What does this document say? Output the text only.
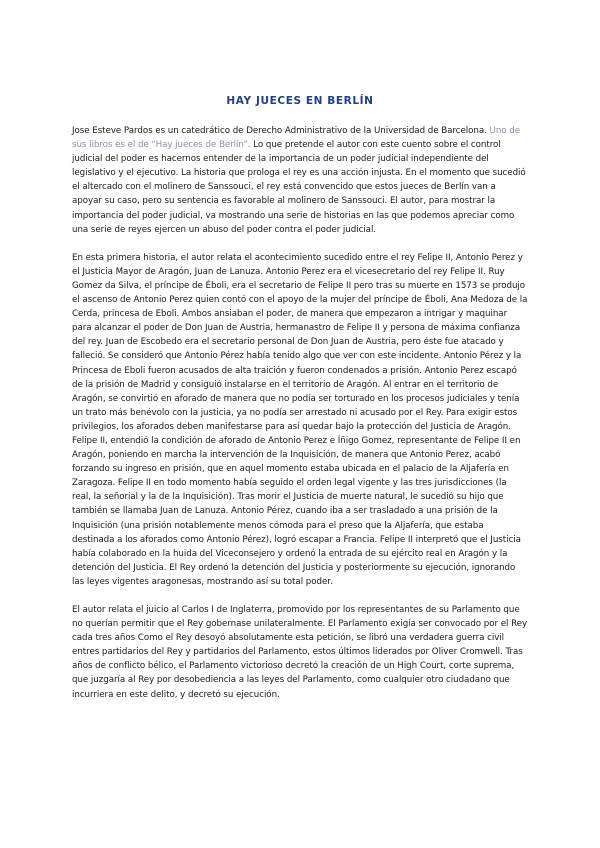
HAY JUECES EN BERLÍN

Jose Esteve Pardos es un catedrático de Derecho Administrativo de la Universidad de Barcelona. Uno de sus libros es el de “Hay jueces de Berlín”. Lo que pretende el autor con este cuento sobre el control judicial del poder es hacernos entender de la importancia de un poder judicial independiente del legislativo y el ejecutivo. La historia que prologa el rey es una acción injusta. En el momento que sucedió el altercado con el molinero de Sanssouci, el rey está convencido que estos jueces de Berlín van a apoyar su caso, pero su sentencia es favorable al molinero de Sanssouci. El autor, para mostrar la importancia del poder judicial, va mostrando una serie de historias en las que podemos apreciar como una serie de reyes ejercen un abuso del poder contra el poder judicial.

En esta primera historia, el autor relata el acontecimiento sucedido entre el rey Felipe II, Antonio Perez y el Justicia Mayor de Aragón, Juan de Lanuza. Antonio Perez era el vicesecretario del rey Felipe II. Ruy Gomez da Silva, el príncipe de Éboli, era el secretario de Felipe II pero tras su muerte en 1573 se produjo el ascenso de Antonio Perez quien contó con el apoyo de la mujer del príncipe de Éboli, Ana Medoza de la Cerda, princesa de Eboli. Ambos ansiaban el poder, de manera que empezaron a intrigar y maquinar para alcanzar el poder de Don Juan de Austria, hermanastro de Felipe II y persona de máxima confianza del rey. Juan de Escobedo era el secretario personal de Don Juan de Austria, pero éste fue atacado y falleció. Se consideró que Antonio Pérez había tenido algo que ver con este incidente. Antonio Pérez y la Princesa de Eboli fueron acusados de alta traición y fueron condenados a prisión. Antonio Perez escapó de la prisión de Madrid y consiguió instalarse en el territorio de Aragón. Al entrar en el territorio de Aragón, se convirtió en aforado de manera que no podía ser torturado en los procesos judiciales y tenía un trato más benévolo con la justicia, ya no podía ser arrestado ni acusado por el Rey. Para exigir estos privilegios, los aforados deben manifestarse para así quedar bajo la protección del Justicia de Aragón. Felipe II, entendió la condición de aforado de Antonio Perez e Íñigo Gomez, representante de Felipe II en Aragón, poniendo en marcha la intervención de la Inquisición, de manera que Antonio Perez, acabó forzando su ingreso en prisión, que en aquel momento estaba ubicada en el palacio de la Aljafería en Zaragoza. Felipe II en todo momento había seguido el orden legal vigente y las tres jurisdicciones (la real, la señorial y la de la Inquisición). Tras morir el Justicia de muerte natural, le sucedió su hijo que también se llamaba Juan de Lanuza. Antonio Pérez, cuando iba a ser trasladado a una prisión de la Inquisición (una prisión notablemente menos cómoda para el preso que la Aljafería, que estaba destinada a los aforados como Antonio Pérez), logró escapar a Francia. Felipe II interpretó que el Justicia había colaborado en la huida del Viceconsejero y ordenó la entrada de su ejército real en Aragón y la detención del Justicia. El Rey ordenó la detención del Justicia y posteriormente su ejecución, ignorando las leyes vigentes aragonesas, mostrando así su total poder.

El autor relata el juicio al Carlos I de Inglaterra, promovido por los representantes de su Parlamento que no querían permitir que el Rey gobernase unilateralmente. El Parlamento exigía ser convocado por el Rey cada tres años Como el Rey desoyó absolutamente esta petición, se libró una verdadera guerra civil entres partidarios del Rey y partidarios del Parlamento, estos últimos liderados por Oliver Cromwell. Tras años de conflicto bélico, el Parlamento victorioso decretó la creación de un High Court, corte suprema, que juzgaría al Rey por desobediencia a las leyes del Parlamento, como cualquier otro ciudadano que incurriera en este delito, y decretó su ejecución.
